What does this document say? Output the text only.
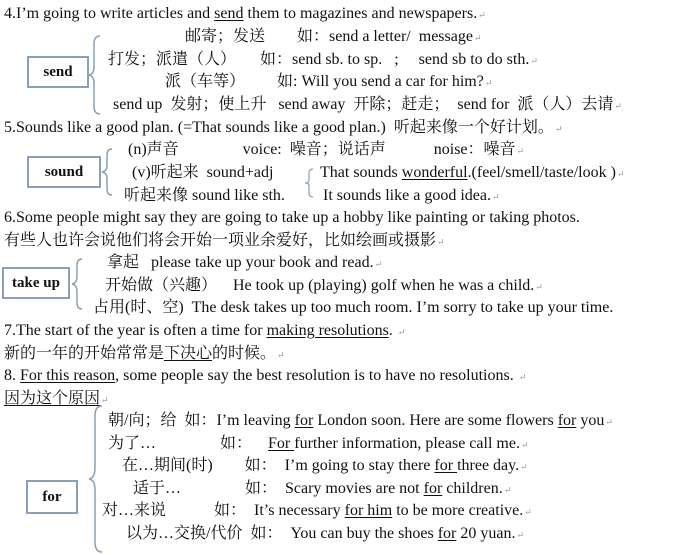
4.I’m going to write articles and send them to magazines and newspapers. ↵
邮寄；发送        如：send a letter/  message ↵
打发；派遣（人）      如：send sb. to sp.   ;     send sb to do sth. ↵
派（车等）        如: Will you send a car for him? ↵
send up  发射；使上升   send away  开除；赶走；  send for  派（人）去请 ↵
5.Sounds like a good plan. (=That sounds like a good plan.)  听起来像一个好计划。 ↵
(n)声音                voice:  噪音；说话声            noise：噪音 ↵
(v)听起来  sound+adj	That sounds wonderful.(feel/smell/taste/look ) ↵
听起来像 sound like sth. It sounds like a good idea. ↵
6.Some people might say they are going to take up a hobby like painting or taking photos.
有些人也许会说他们将会开始一项业余爱好，比如绘画或摄影 ↵
拿起   please take up your book and read. ↵
开始做（兴趣）    He took up (playing) golf when he was a child. ↵
占用(时、空)  The desk takes up too much room. I’m sorry to take up your time.
7.The start of the year is often a time for making resolutions.  ↵
新的一年的开始常常是下决心的时候。 ↵
8. For this reason, some people say the best resolution is to have no resolutions.  ↵
因为这个原因 ↵
朝/向；给  如：I’m leaving for London soon. Here are some flowers for you ↵
为了…                如：    For further information, please call me. ↵
在…期间(时)        如：  I’m going to stay there for three day. ↵
适于…                如：  Scary movies are not for children. ↵
对…来说            如：  It’s necessary for him to be more creative. ↵
以为…交换/代价  如：  You can buy the shoes for 20 yuan. ↵
send
sound
take up
for
